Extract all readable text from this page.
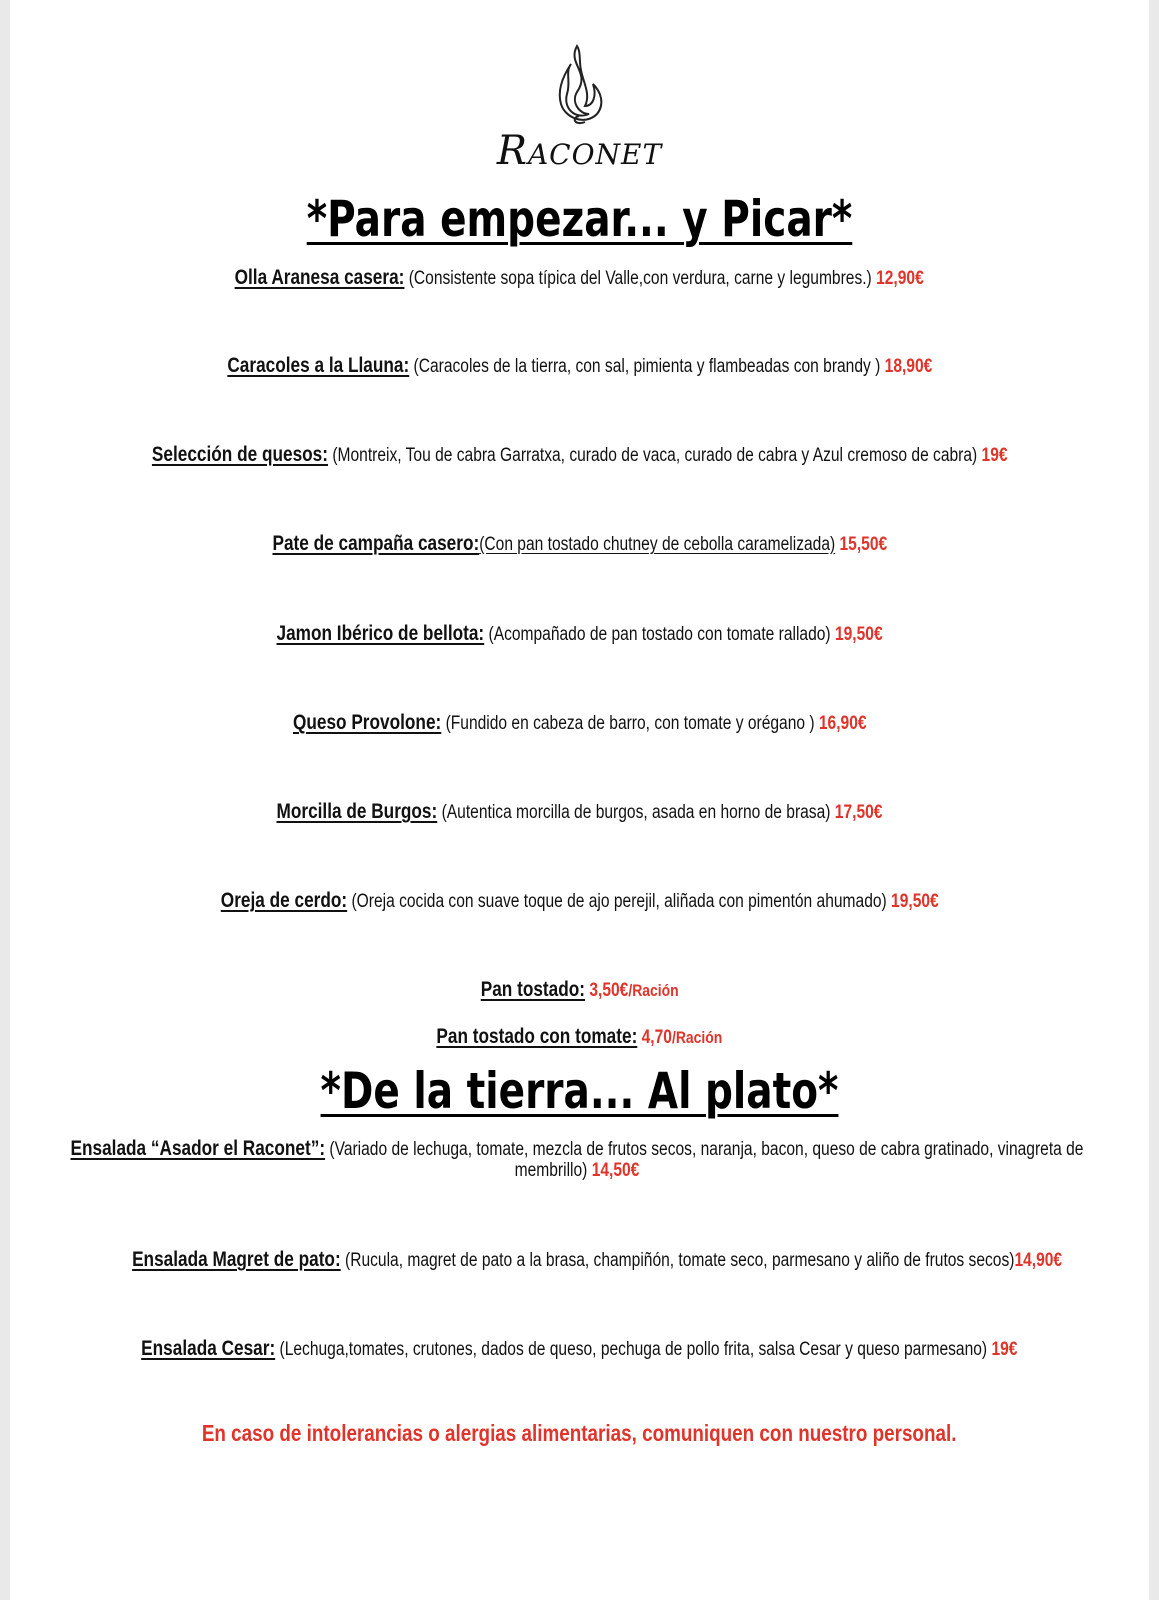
Raconet
*Para empezar... y Picar*
Olla Aranesa casera: (Consistente sopa típica del Valle,con verdura, carne y legumbres.) 12,90€
Caracoles a la Llauna: (Caracoles de la tierra, con sal, pimienta y flambeadas con brandy ) 18,90€
Selección de quesos: (Montreix, Tou de cabra Garratxa, curado de vaca, curado de cabra y Azul cremoso de cabra) 19€
Pate de campaña casero:(Con pan tostado chutney de cebolla caramelizada) 15,50€
Jamon Ibérico de bellota: (Acompañado de pan tostado con tomate rallado) 19,50€
Queso Provolone: (Fundido en cabeza de barro, con tomate y orégano ) 16,90€
Morcilla de Burgos: (Autentica morcilla de burgos, asada en horno de brasa) 17,50€
Oreja de cerdo: (Oreja cocida con suave toque de ajo perejil, aliñada con pimentón ahumado) 19,50€
Pan tostado: 3,50€/Ración
Pan tostado con tomate: 4,70/Ración
*De la tierra... Al plato*
Ensalada “Asador el Raconet”: (Variado de lechuga, tomate, mezcla de frutos secos, naranja, bacon, queso de cabra gratinado, vinagreta de membrillo) 14,50€
Ensalada Magret de pato: (Rucula, magret de pato a la brasa, champiñón, tomate seco, parmesano y aliño de frutos secos)14,90€
Ensalada Cesar: (Lechuga,tomates, crutones, dados de queso, pechuga de pollo frita, salsa Cesar y queso parmesano) 19€
En caso de intolerancias o alergias alimentarias, comuniquen con nuestro personal.
